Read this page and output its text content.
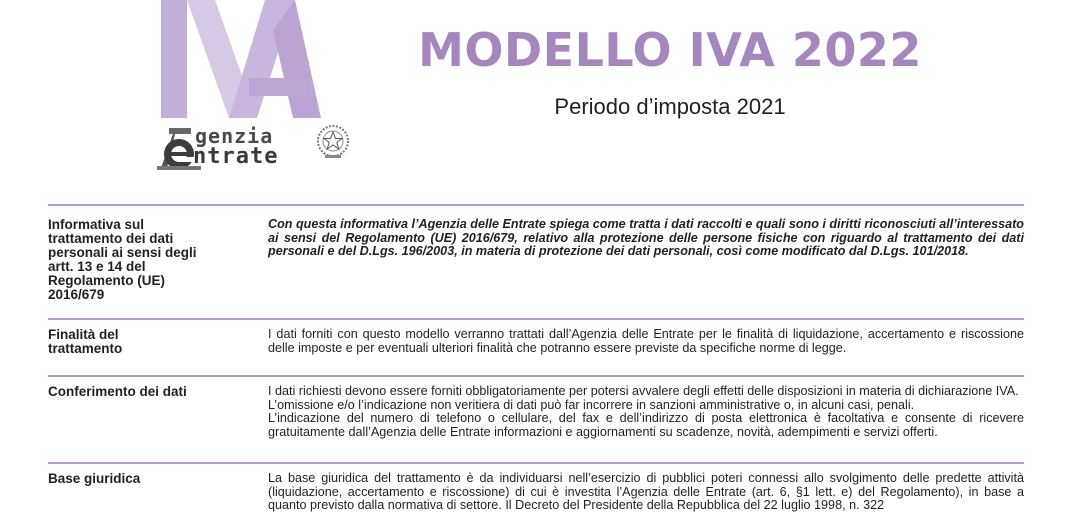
genzia
ntrate
MODELLO IVA 2022
Periodo d’imposta 2021
Informativa sul trattamento dei dati personali ai sensi degli artt. 13 e 14 del Regolamento (UE) 2016/679

Con questa informativa l’Agenzia delle Entrate spiega come tratta i dati raccolti e quali sono i diritti riconosciuti all’interessato ai sensi del Regolamento (UE) 2016/679, relativo alla protezione delle persone fisiche con riguardo al trattamento dei dati personali e del D.Lgs. 196/2003, in materia di protezione dei dati personali, così come modificato dal D.Lgs. 101/2018.

Finalità del trattamento

I dati forniti con questo modello verranno trattati dall’Agenzia delle Entrate per le finalità di liquidazione, accertamento e riscossione delle imposte e per eventuali ulteriori finalità che potranno essere previste da specifiche norme di legge.

Conferimento dei dati	I dati richiesti devono essere forniti obbligatoriamente per potersi avvalere degli effetti delle disposizioni in materia di dichiarazione IVA.

L’omissione e/o l’indicazione non veritiera di dati può far incorrere in sanzioni amministrative o, in alcuni casi, penali.

L’indicazione del numero di telefono o cellulare, del fax e dell’indirizzo di posta elettronica è facoltativa e consente di ricevere gratuitamente dall’Agenzia delle Entrate informazioni e aggiornamenti su scadenze, novità, adempimenti e servizi offerti.

Base giuridica	La base giuridica del trattamento è da individuarsi nell’esercizio di pubblici poteri connessi allo svolgimento delle predette attività (liquidazione, accertamento e riscossione) di cui è investita l’Agenzia delle Entrate (art. 6, §1 lett. e) del Regolamento), in base a quanto previsto dalla normativa di settore. Il Decreto del Presidente della Repubblica del 22 luglio 1998, n. 322
